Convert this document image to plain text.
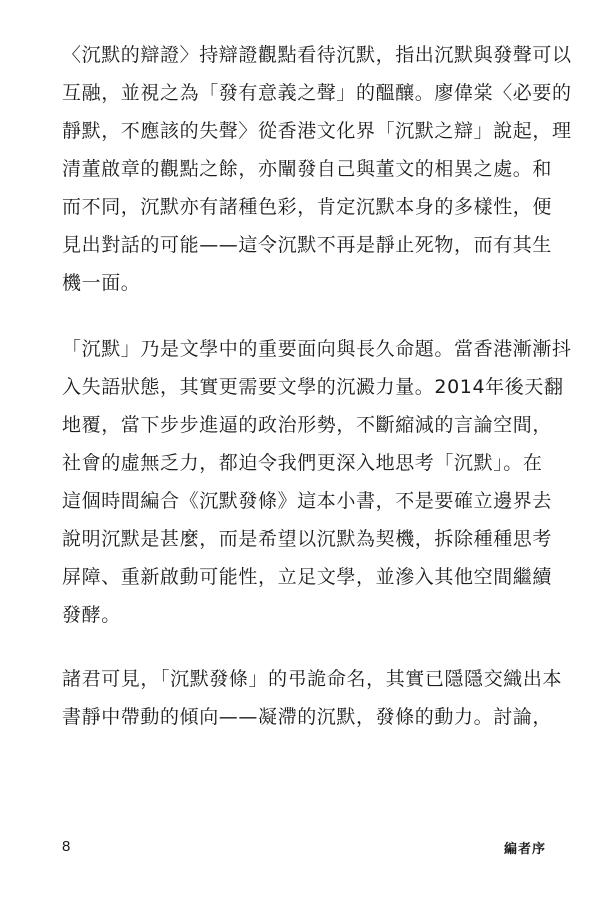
〈沉默的辯證〉持辯證觀點看待沉默，指出沉默與發聲可以
互融，並視之為「發有意義之聲」的醞釀。廖偉棠〈必要的
靜默，不應該的失聲〉從香港文化界「沉默之辯」說起，理
清董啟章的觀點之餘，亦闡發自己與董文的相異之處。和
而不同，沉默亦有諸種色彩，肯定沉默本身的多樣性，便
見出對話的可能——這令沉默不再是靜止死物，而有其生
機一面。
「沉默」乃是文學中的重要面向與長久命題。當香港漸漸抖
入失語狀態，其實更需要文學的沉澱力量。2014年後天翻
地覆，當下步步進逼的政治形勢，不斷縮減的言論空間，
社會的虛無乏力，都迫令我們更深入地思考「沉默」。在
這個時間編合《沉默發條》這本小書，不是要確立邊界去
說明沉默是甚麼，而是希望以沉默為契機，拆除種種思考
屏障、重新啟動可能性，立足文學，並滲入其他空間繼續
發酵。
諸君可見，「沉默發條」的弔詭命名，其實已隱隱交織出本
書靜中帶動的傾向——凝滯的沉默，發條的動力。討論，
8	編者序
